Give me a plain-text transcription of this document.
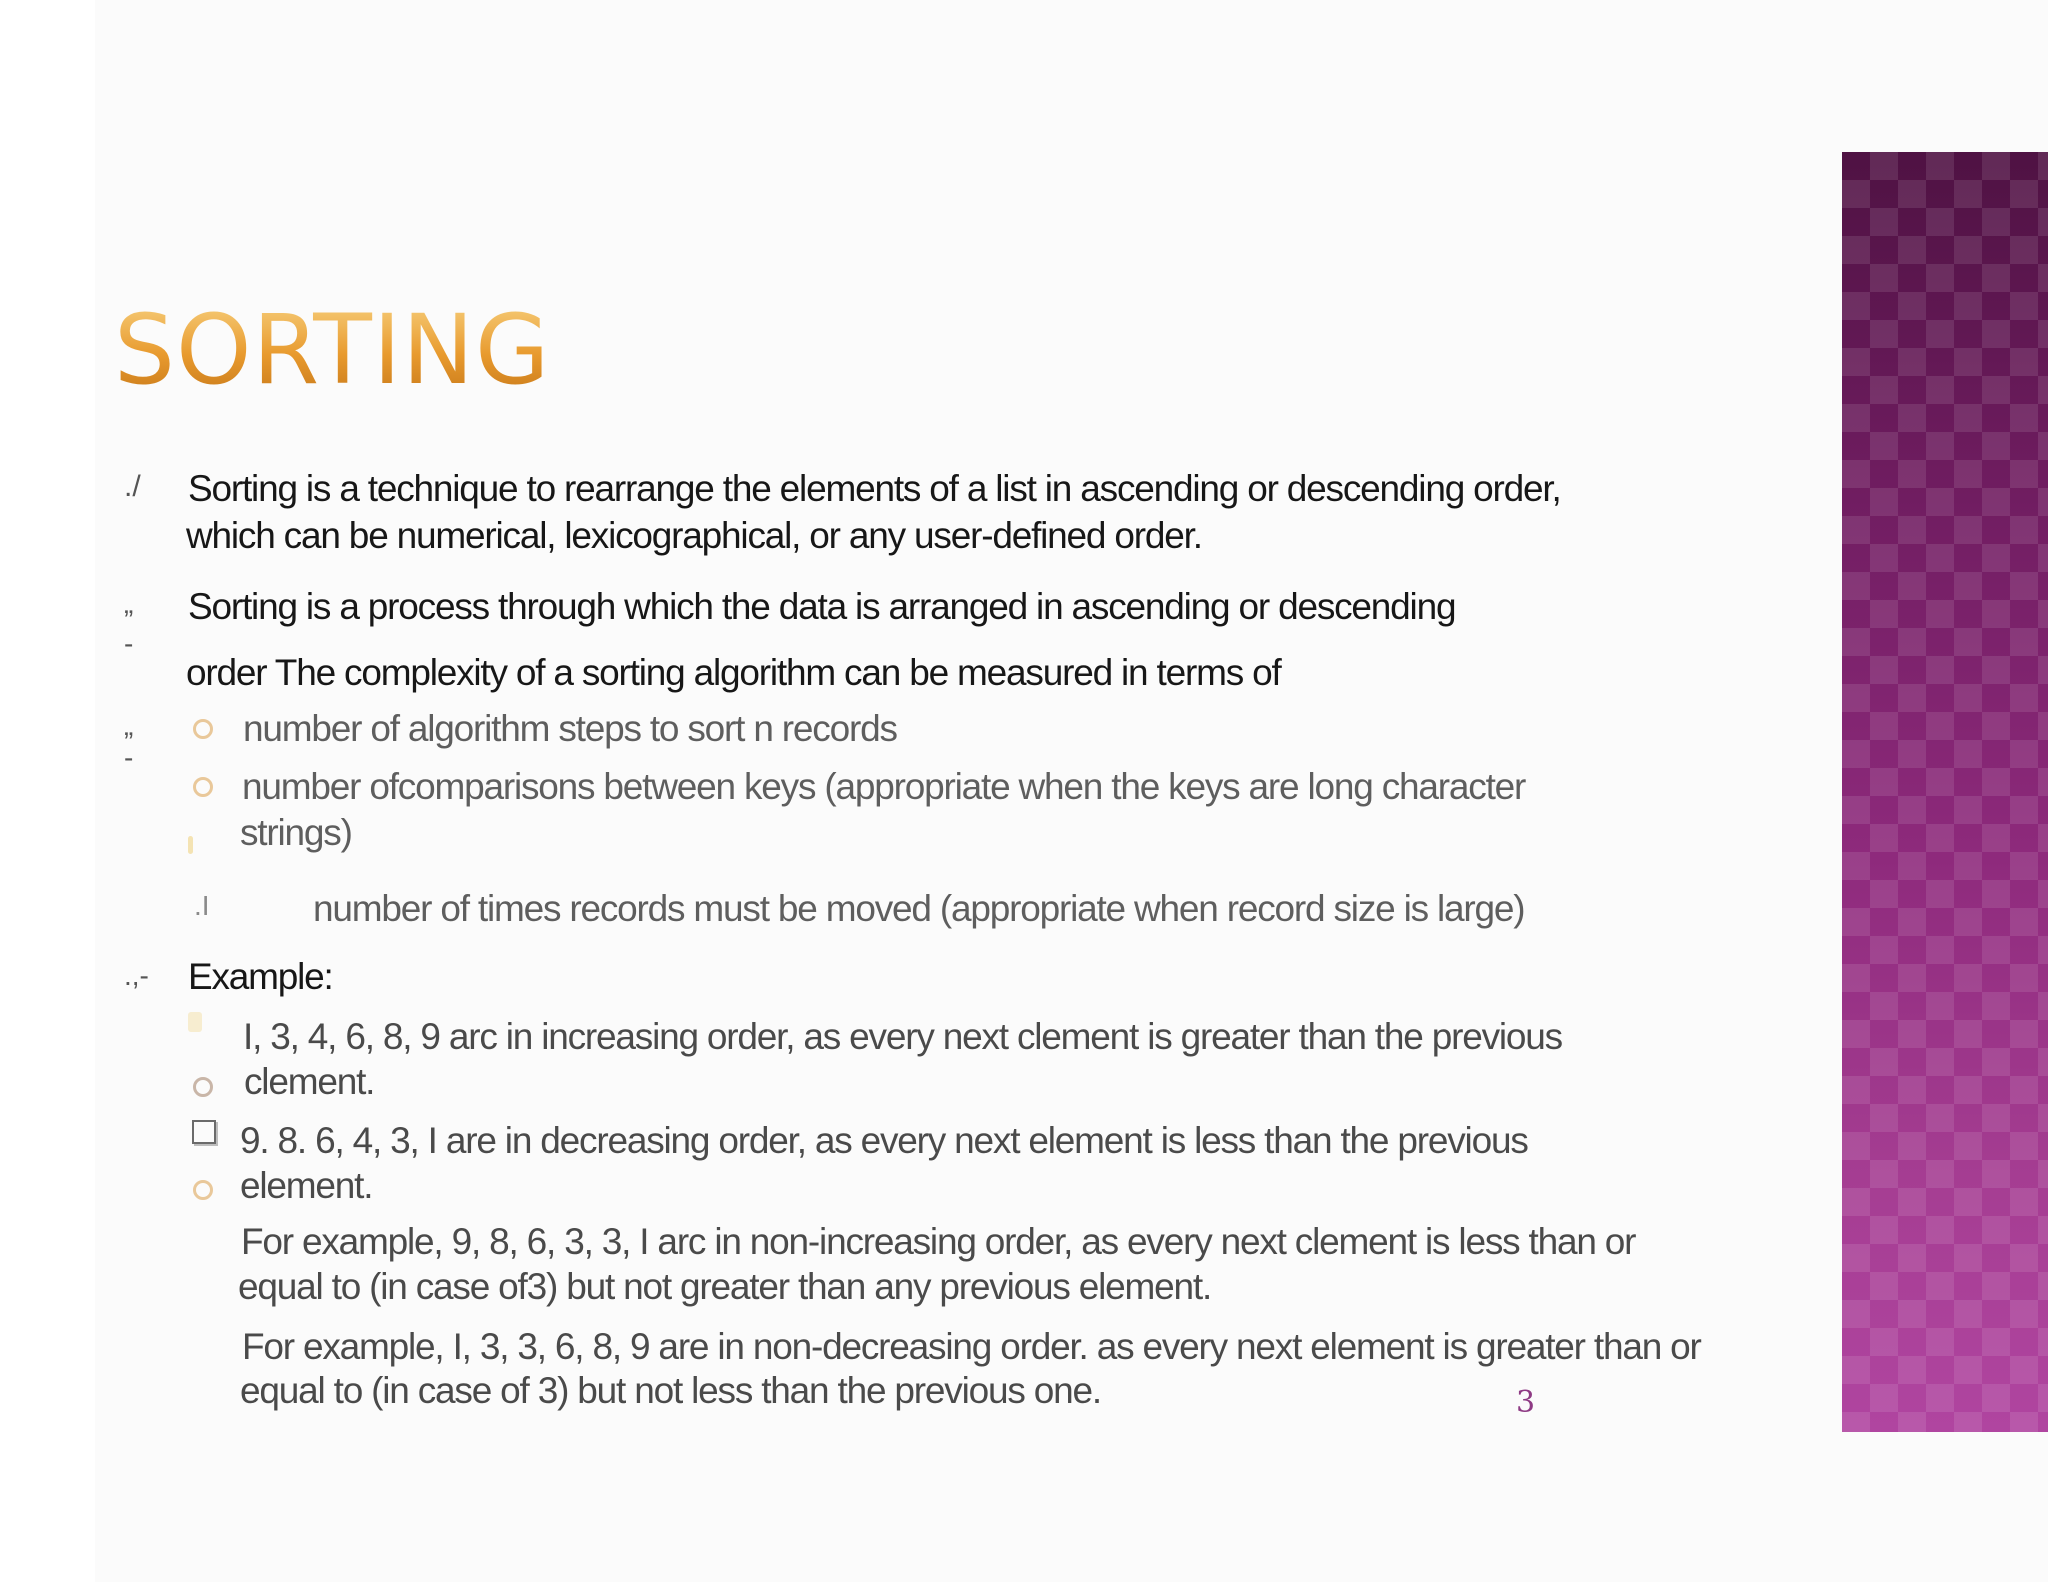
SORTING
./ Sorting is a technique to rearrange the elements of a list in ascending or descending order,
which can be numerical, lexicographical, or any user-defined order.
„ Sorting is a process through which the data is arranged in ascending or descending
-
order The complexity of a sorting algorithm can be measured in terms of
„
-
number of algorithm steps to sort n records
number ofcomparisons between keys (appropriate when the keys are long character
strings)
.I	number of times records must be moved (appropriate when record size is large)
.,- Example:
I, 3, 4, 6, 8, 9 arc in increasing order, as every next clement is greater than the previous
clement.
9. 8. 6, 4, 3, I are in decreasing order, as every next element is less than the previous
element.
For example, 9, 8, 6, 3, 3, I arc in non-increasing order, as every next clement is less than or
equal to (in case of3) but not greater than any previous element.
For example, I, 3, 3, 6, 8, 9 are in non-decreasing order. as every next element is greater than or
equal to (in case of 3) but not less than the previous one.	3
